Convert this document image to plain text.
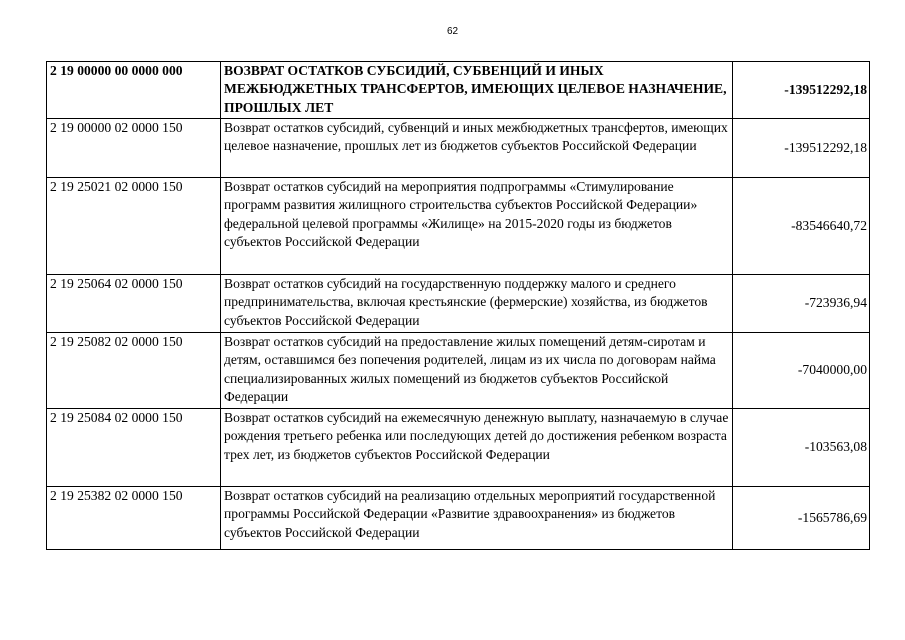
62
2 19 00000 00 0000 000	ВОЗВРАТ ОСТАТКОВ СУБСИДИЙ, СУБВЕНЦИЙ И ИНЫХ МЕЖБЮДЖЕТНЫХ ТРАНСФЕРТОВ, ИМЕЮЩИХ ЦЕЛЕВОЕ НАЗНАЧЕНИЕ, ПРОШЛЫХ ЛЕТ	-139512292,18
2 19 00000 02 0000 150	Возврат остатков субсидий, субвенций и иных межбюджетных трансфертов, имеющих целевое назначение, прошлых лет из бюджетов субъектов Российской Федерации	-139512292,18
2 19 25021 02 0000 150	Возврат остатков субсидий на мероприятия подпрограммы «Стимулирование программ развития жилищного строительства субъектов Российской Федерации» федеральной целевой программы «Жилище» на 2015-2020 годы из бюджетов субъектов Российской Федерации	-83546640,72
2 19 25064 02 0000 150	Возврат остатков субсидий на государственную поддержку малого и среднего предпринимательства, включая крестьянские (фермерские) хозяйства, из бюджетов субъектов Российской Федерации	-723936,94
2 19 25082 02 0000 150	Возврат остатков субсидий на предоставление жилых помещений детям-сиротам и детям, оставшимся без попечения родителей, лицам из их числа по договорам найма специализированных жилых помещений из бюджетов субъектов Российской Федерации	-7040000,00
2 19 25084 02 0000 150	Возврат остатков субсидий на ежемесячную денежную выплату, назначаемую в случае рождения третьего ребенка или последующих детей до достижения ребенком возраста трех лет, из бюджетов субъектов Российской Федерации	-103563,08
2 19 25382 02 0000 150	Возврат остатков субсидий на реализацию отдельных мероприятий государственной программы Российской Федерации «Развитие здравоохранения» из бюджетов субъектов Российской Федерации	-1565786,69
